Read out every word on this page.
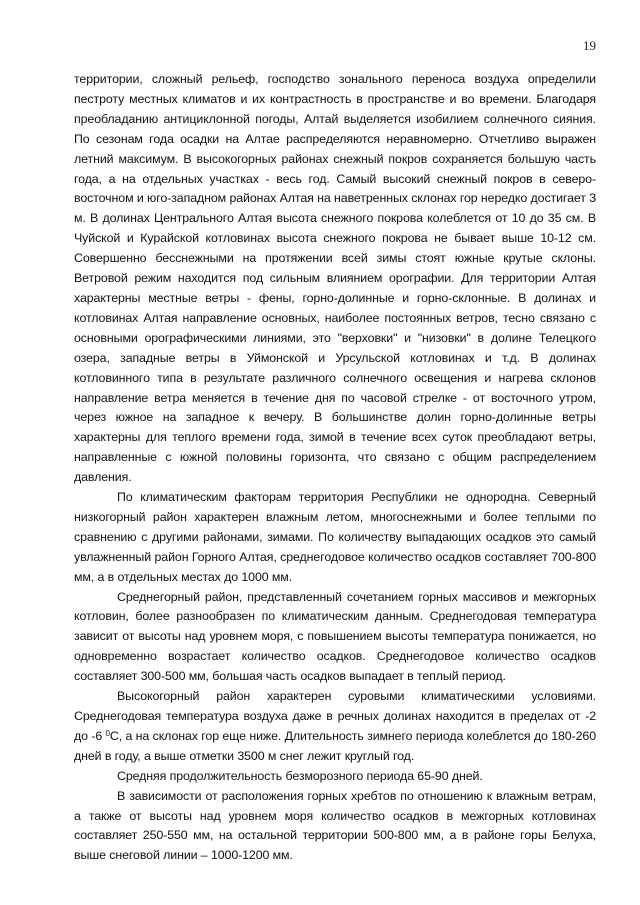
19

территории, сложный рельеф, господство зонального переноса воздуха определили пестроту местных климатов и их контрастность в пространстве и во времени. Благодаря преобладанию антициклонной погоды, Алтай выделяется изобилием солнечного сияния. По сезонам года осадки на Алтае распределяются неравномерно. Отчетливо выражен летний максимум. В высокогорных районах снежный покров сохраняется большую часть года, а на отдельных участках - весь год. Самый высокий снежный покров в северо-восточном и юго-западном районах Алтая на наветренных склонах гор нередко достигает 3 м. В долинах Центрального Алтая высота снежного покрова колеблется от 10 до 35 см. В Чуйской и Курайской котловинах высота снежного покрова не бывает выше 10-12 см. Совершенно бесснежными на протяжении всей зимы стоят южные крутые склоны. Ветровой режим находится под сильным влиянием орографии. Для территории Алтая характерны местные ветры - фены, горно-долинные и горно-склонные. В долинах и котловинах Алтая направление основных, наиболее постоянных ветров, тесно связано с основными орографическими линиями, это "верховки" и "низовки" в долине Телецкого озера, западные ветры в Уймонской и Урсульской котловинах и т.д. В долинах котловинного типа в результате различного солнечного освещения и нагрева склонов направление ветра меняется в течение дня по часовой стрелке - от восточного утром, через южное на западное к вечеру. В большинстве долин горно-долинные ветры характерны для теплого времени года, зимой в течение всех суток преобладают ветры, направленные с южной половины горизонта, что связано с общим распределением давления.

По климатическим факторам территория Республики не однородна. Северный низкогорный район характерен влажным летом, многоснежными и более теплыми по сравнению с другими районами, зимами. По количеству выпадающих осадков это самый увлажненный район Горного Алтая, среднегодовое количество осадков составляет 700-800 мм, а в отдельных местах до 1000 мм.

Среднегорный район, представленный сочетанием горных массивов и межгорных котловин, более разнообразен по климатическим данным. Среднегодовая температура зависит от высоты над уровнем моря, с повышением высоты температура понижается, но одновременно возрастает количество осадков. Среднегодовое количество осадков составляет 300-500 мм, большая часть осадков выпадает в теплый период.

Высокогорный район характерен суровыми климатическими условиями. Среднегодовая температура воздуха даже в речных долинах находится в пределах от -2 до -6 $^0$С, а на склонах гор еще ниже. Длительность зимнего периода колеблется до 180-260 дней в году, а выше отметки 3500 м снег лежит круглый год.

Средняя продолжительность безморозного периода 65-90 дней.

В зависимости от расположения горных хребтов по отношению к влажным ветрам, а также от высоты над уровнем моря количество осадков в межгорных котловинах составляет 250-550 мм, на остальной территории 500-800 мм, а в районе горы Белуха, выше снеговой линии – 1000-1200 мм.
